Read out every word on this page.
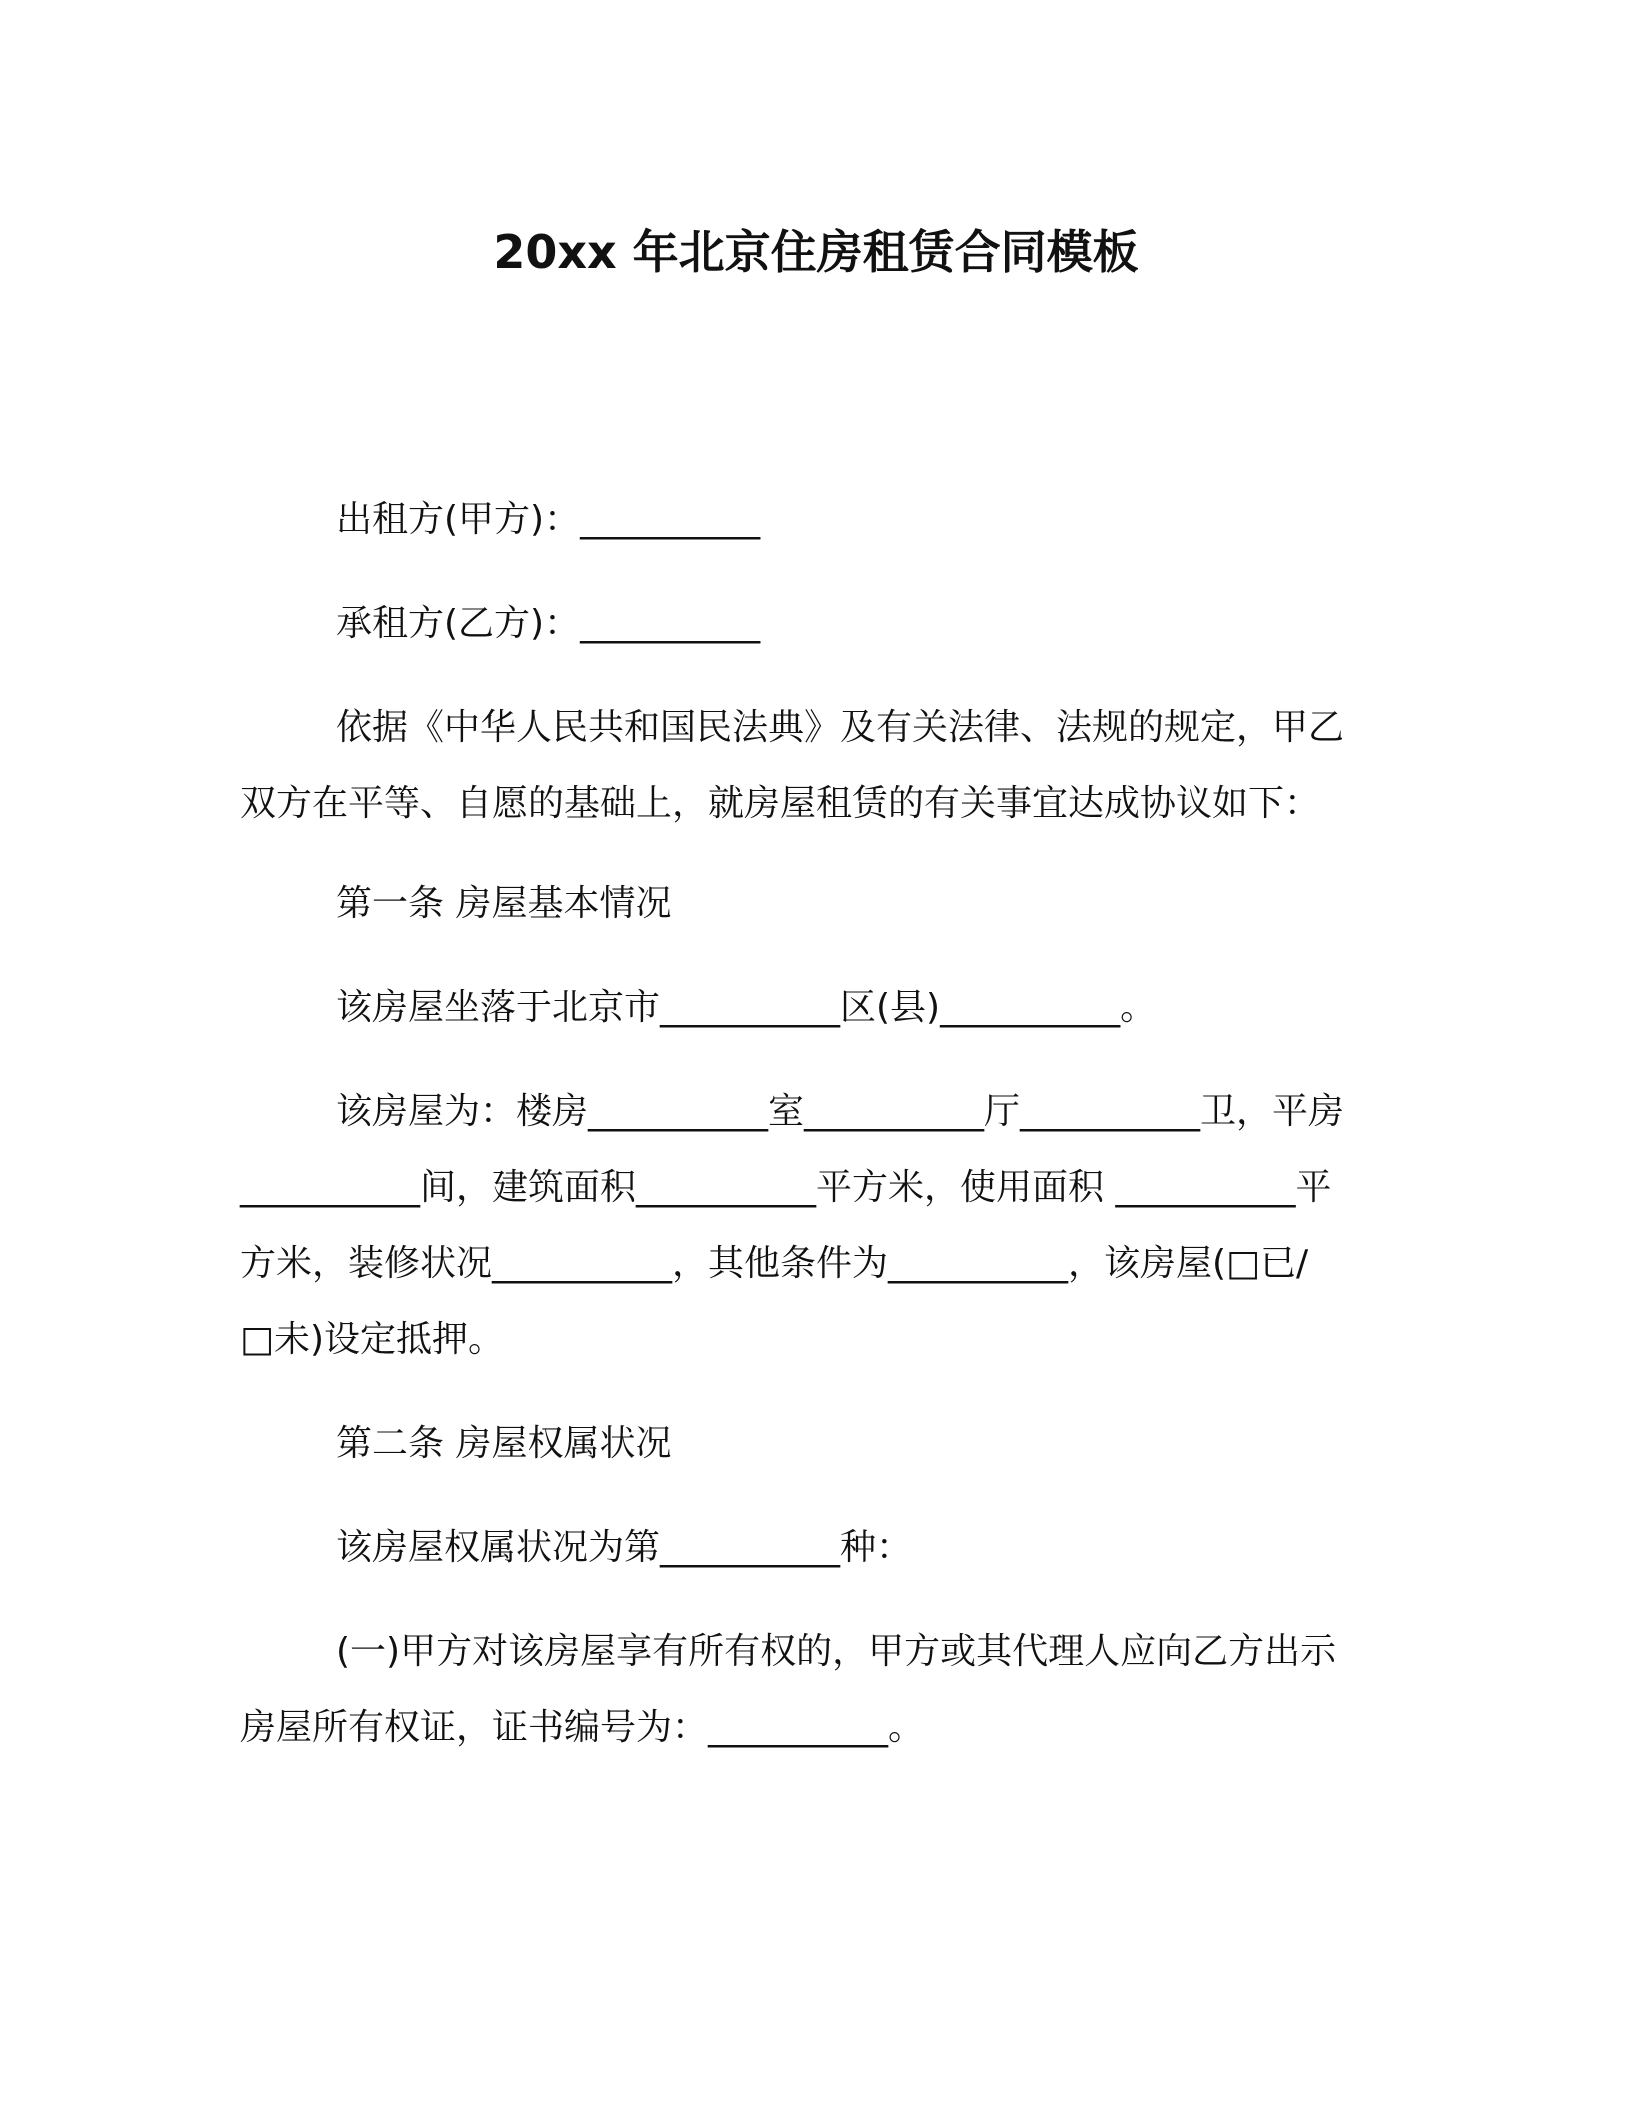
20xx 年北京住房租赁合同模板
出租方(甲方)：__________
承租方(乙方)：__________
依据《中华人民共和国民法典》及有关法律、法规的规定，甲乙
双方在平等、自愿的基础上，就房屋租赁的有关事宜达成协议如下：
第一条 房屋基本情况
该房屋坐落于北京市__________区(县)__________。
该房屋为：楼房__________室__________厅__________卫，平房
__________间，建筑面积__________平方米，使用面积 __________平
方米，装修状况__________，其他条件为__________，该房屋(□已/
□未)设定抵押。
第二条 房屋权属状况
该房屋权属状况为第__________种：
(一)甲方对该房屋享有所有权的，甲方或其代理人应向乙方出示
房屋所有权证，证书编号为：__________。
